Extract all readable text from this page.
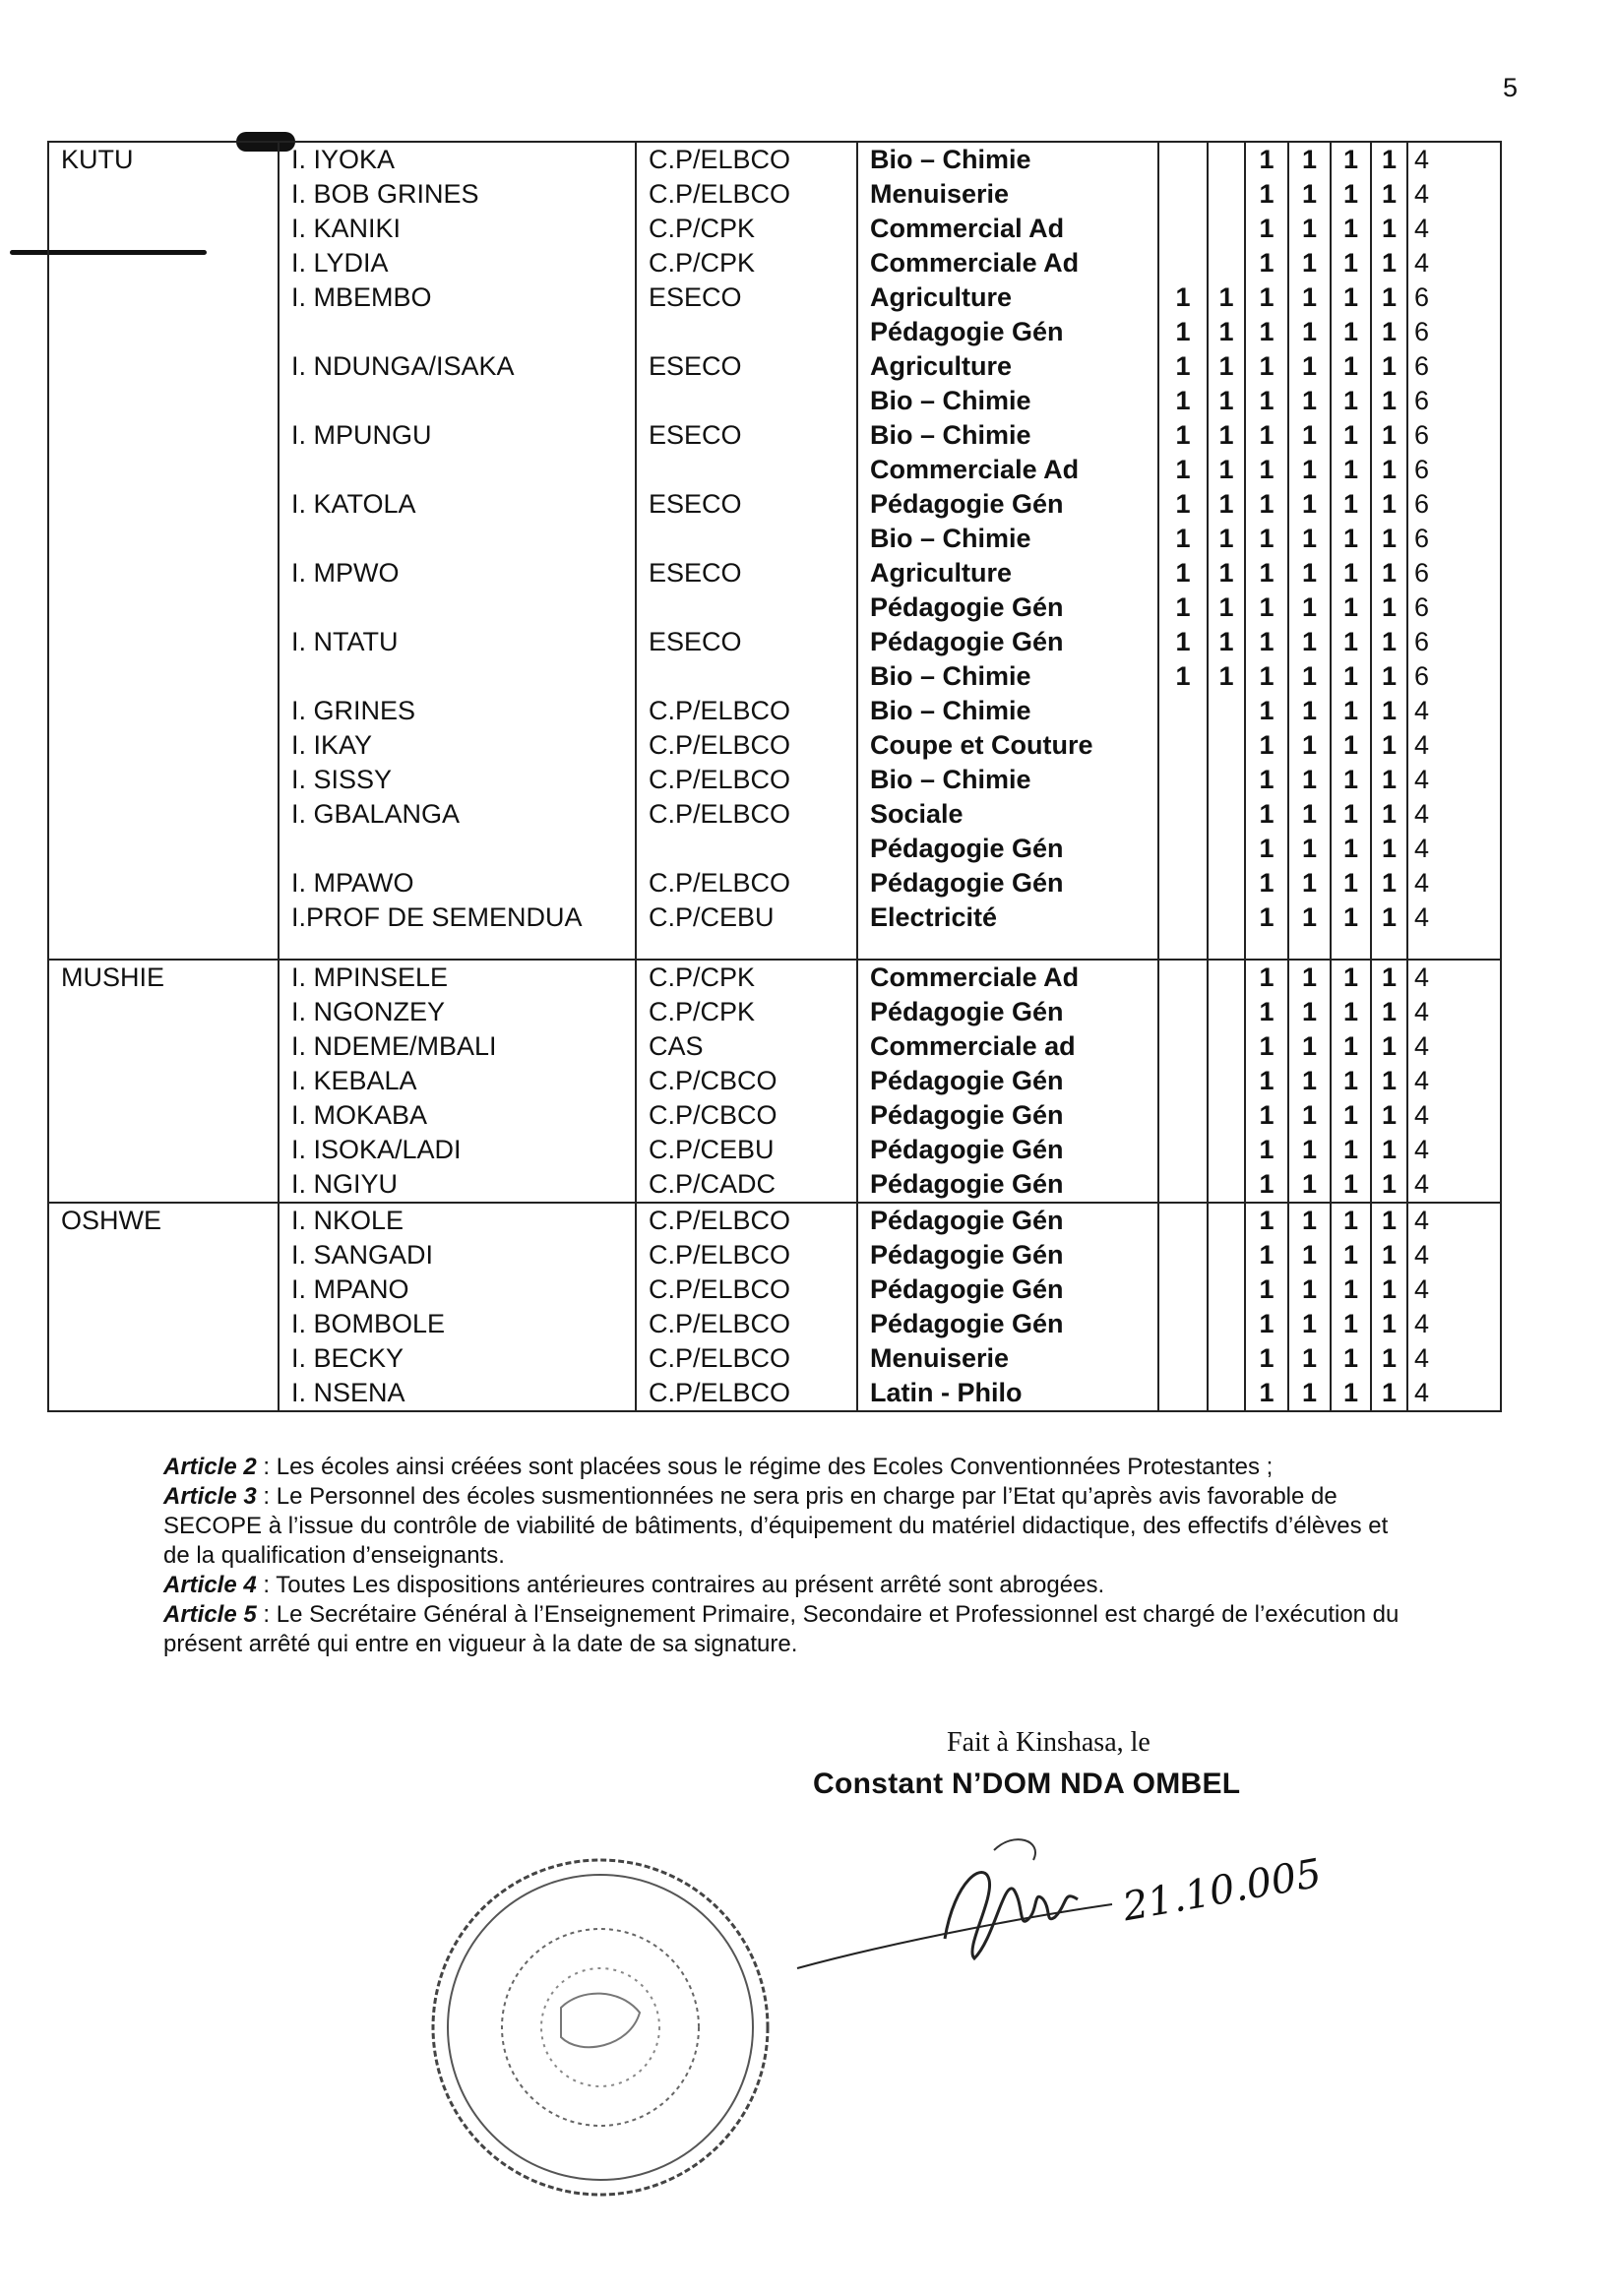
5
KUTU	I. IYOKA	C.P/ELBCO	Bio – Chimie			1	1	1	1	4
	I. BOB GRINES	C.P/ELBCO	Menuiserie			1	1	1	1	4
	I. KANIKI	C.P/CPK	Commercial Ad			1	1	1	1	4
	I. LYDIA	C.P/CPK	Commerciale Ad			1	1	1	1	4
	I. MBEMBO	ESECO	Agriculture	1	1	1	1	1	1	6
			Pédagogie Gén	1	1	1	1	1	1	6
	I. NDUNGA/ISAKA	ESECO	Agriculture	1	1	1	1	1	1	6
			Bio – Chimie	1	1	1	1	1	1	6
	I. MPUNGU	ESECO	Bio – Chimie	1	1	1	1	1	1	6
			Commerciale Ad	1	1	1	1	1	1	6
	I. KATOLA	ESECO	Pédagogie Gén	1	1	1	1	1	1	6
			Bio – Chimie	1	1	1	1	1	1	6
	I. MPWO	ESECO	Agriculture	1	1	1	1	1	1	6
			Pédagogie Gén	1	1	1	1	1	1	6
	I. NTATU	ESECO	Pédagogie Gén	1	1	1	1	1	1	6
			Bio – Chimie	1	1	1	1	1	1	6
	I. GRINES	C.P/ELBCO	Bio – Chimie			1	1	1	1	4
	I. IKAY	C.P/ELBCO	Coupe et Couture			1	1	1	1	4
	I. SISSY	C.P/ELBCO	Bio – Chimie			1	1	1	1	4
	I. GBALANGA	C.P/ELBCO	Sociale			1	1	1	1	4
			Pédagogie Gén			1	1	1	1	4
	I. MPAWO	C.P/ELBCO	Pédagogie Gén			1	1	1	1	4
	I.PROF DE SEMENDUA	C.P/CEBU	Electricité			1	1	1	1	4
MUSHIE	I. MPINSELE	C.P/CPK	Commerciale Ad			1	1	1	1	4
	I. NGONZEY	C.P/CPK	Pédagogie Gén			1	1	1	1	4
	I. NDEME/MBALI	CAS	Commerciale ad			1	1	1	1	4
	I. KEBALA	C.P/CBCO	Pédagogie Gén			1	1	1	1	4
	I. MOKABA	C.P/CBCO	Pédagogie Gén			1	1	1	1	4
	I. ISOKA/LADI	C.P/CEBU	Pédagogie Gén			1	1	1	1	4
	I. NGIYU	C.P/CADC	Pédagogie Gén			1	1	1	1	4
OSHWE	I. NKOLE	C.P/ELBCO	Pédagogie Gén			1	1	1	1	4
	I. SANGADI	C.P/ELBCO	Pédagogie Gén			1	1	1	1	4
	I. MPANO	C.P/ELBCO	Pédagogie Gén			1	1	1	1	4
	I. BOMBOLE	C.P/ELBCO	Pédagogie Gén			1	1	1	1	4
	I. BECKY	C.P/ELBCO	Menuiserie			1	1	1	1	4
	I. NSENA	C.P/ELBCO	Latin - Philo			1	1	1	1	4
Article 2 : Les écoles ainsi créées sont placées sous le régime des Ecoles Conventionnées Protestantes ;
Article 3 : Le Personnel des écoles susmentionnées ne sera pris en charge par l’Etat qu’après avis favorable de SECOPE à l’issue du contrôle de viabilité de bâtiments, d’équipement du matériel didactique, des effectifs d’élèves et de la qualification d’enseignants.
Article 4 : Toutes Les dispositions antérieures contraires au présent arrêté sont abrogées.
Article 5 : Le Secrétaire Général à l’Enseignement Primaire, Secondaire et Professionnel est chargé de l’exécution du présent arrêté qui entre en vigueur à la date de sa signature.
Fait à Kinshasa, le
Constant N’DOM NDA OMBEL
21.10.005
